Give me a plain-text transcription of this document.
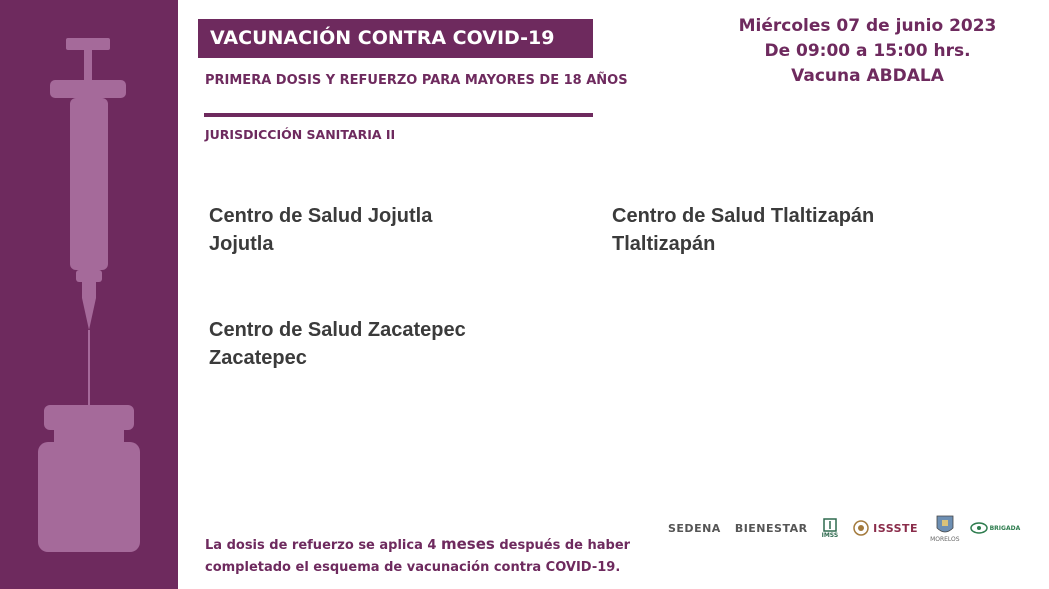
VACUNACIÓN CONTRA COVID-19
PRIMERA DOSIS Y REFUERZO PARA MAYORES DE 18 AÑOS
JURISDICCIÓN SANITARIA II
Miércoles 07 de junio 2023
De 09:00 a 15:00 hrs.
Vacuna ABDALA
Centro de Salud Jojutla
Jojutla
Centro de Salud Tlaltizapán
Tlaltizapán
Centro de Salud Zacatepec
Zacatepec
La dosis de refuerzo se aplica 4 meses después de haber
completado el esquema de vacunación contra COVID-19.
SEDENA BIENESTAR
IMSS
ISSSTE
MORELOS
BRIGADA
